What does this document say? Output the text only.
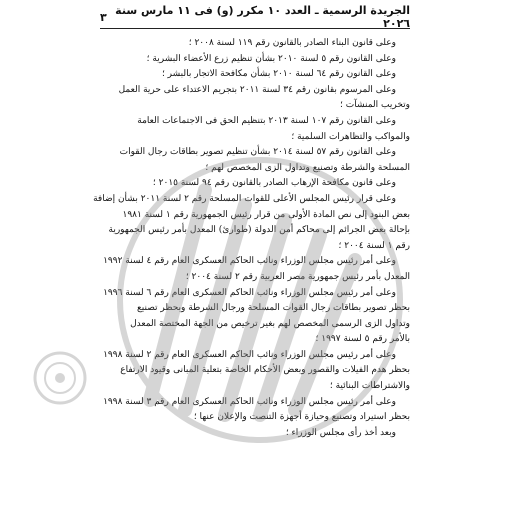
الجريدة الرسمية ـ العدد ١٠ مكرر (و) فى ١١ مارس سنة ٢٠٢٦
٣
وعلى قانون البناء الصادر بالقانون رقم ١١٩ لسنة ٢٠٠٨ ؛
وعلى القانون رقم ٥ لسنة ٢٠١٠ بشأن تنظيم زرع الأعضاء البشرية ؛
وعلى القانون رقم ٦٤ لسنة ٢٠١٠ بشأن مكافحة الاتجار بالبشر ؛
وعلى المرسوم بقانون رقم ٣٤ لسنة ٢٠١١ بتجريم الاعتداء على حرية العمل
وتخريب المنشآت ؛
وعلى القانون رقم ١٠٧ لسنة ٢٠١٣ بتنظيم الحق فى الاجتماعات العامة
والمواكب والتظاهرات السلمية ؛
وعلى القانون رقم ٥٧ لسنة ٢٠١٤ بشأن تنظيم تصوير بطاقات رجال القوات
المسلحة والشرطة وتصنيع وتداول الزى المخصص لهم ؛
وعلى قانون مكافحة الإرهاب الصادر بالقانون رقم ٩٤ لسنة ٢٠١٥ ؛
وعلى قرار رئيس المجلس الأعلى للقوات المسلحة رقم ٢ لسنة ٢٠١١ بشأن إضافة
بعض البنود إلى نص المادة الأولى من قرار رئيس الجمهورية رقم ١ لسنة ١٩٨١
بإحالة بعض الجرائم إلى محاكم أمن الدولة (طوارئ) المعدل بأمر رئيس الجمهورية
رقم ١ لسنة ٢٠٠٤ ؛
وعلى أمر رئيس مجلس الوزراء ونائب الحاكم العسكرى العام رقم ٤ لسنة ١٩٩٢
المعدل بأمر رئيس جمهورية مصر العربية رقم ٢ لسنة ٢٠٠٤ ؛
وعلى أمر رئيس مجلس الوزراء ونائب الحاكم العسكرى العام رقم ٦ لسنة ١٩٩٦
بحظر تصوير بطاقات رجال القوات المسلحة ورجال الشرطة وبحظر تصنيع
وتداول الزى الرسمى المخصص لهم بغير ترخيص من الجهة المختصة المعدل
بالأمر رقم ٥ لسنة ١٩٩٧ ؛
وعلى أمر رئيس مجلس الوزراء ونائب الحاكم العسكرى العام رقم ٢ لسنة ١٩٩٨
بحظر هدم الفيلات والقصور وبعض الأحكام الخاصة بتعلية المبانى وقيود الارتفاع
والاشتراطات البنائية ؛
وعلى أمر رئيس مجلس الوزراء ونائب الحاكم العسكرى العام رقم ٣ لسنة ١٩٩٨
بحظر استيراد وتصنيع وحيازة أجهزة التنصت والإعلان عنها ؛
وبعد أخذ رأى مجلس الوزراء ؛
